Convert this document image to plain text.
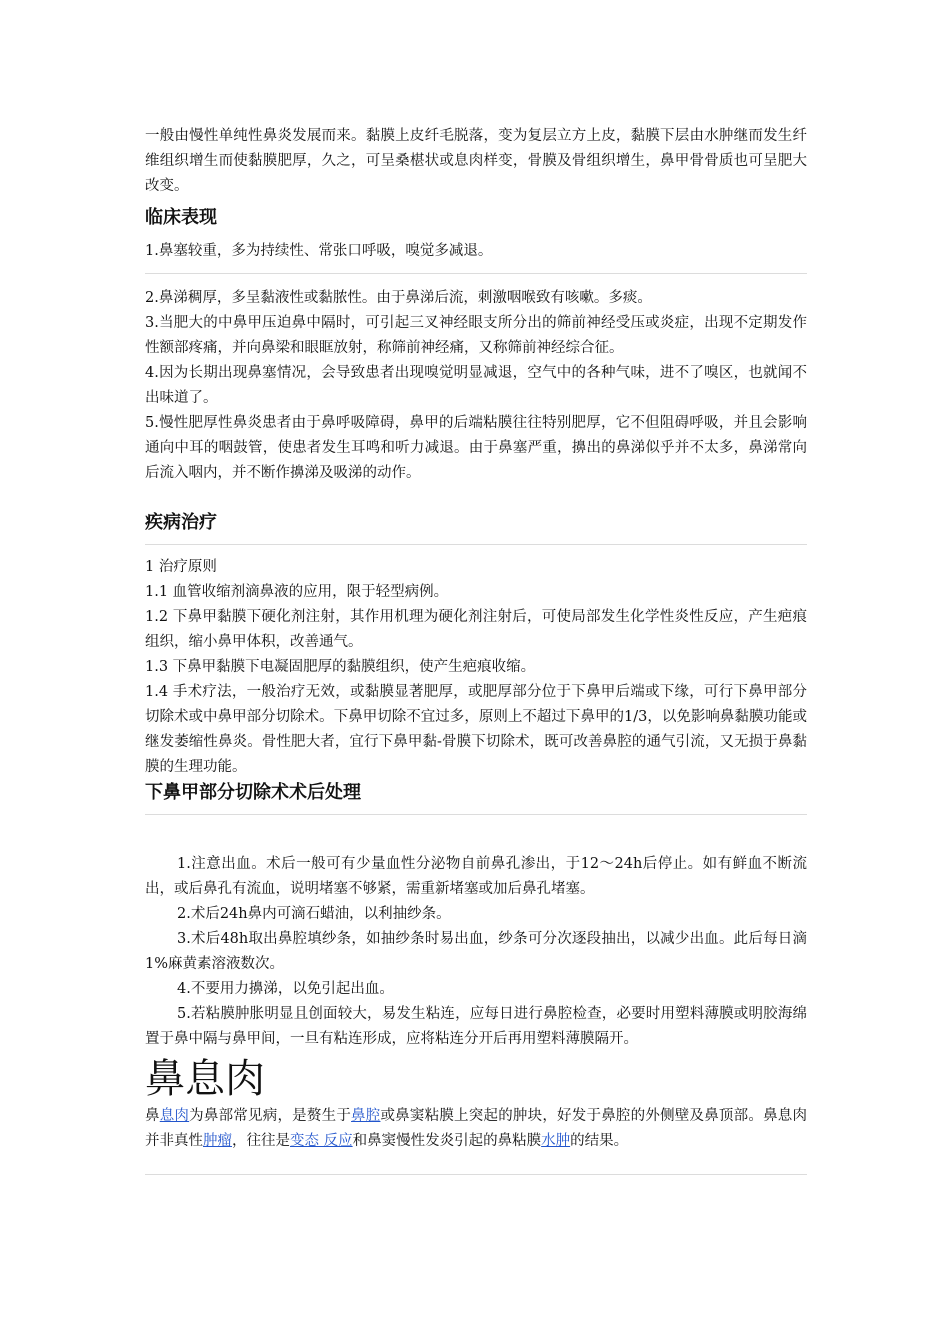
一般由慢性单纯性鼻炎发展而来。黏膜上皮纤毛脱落，变为复层立方上皮，黏膜下层由水肿继而发生纤维组织增生而使黏膜肥厚，久之，可呈桑椹状或息肉样变，骨膜及骨组织增生，鼻甲骨骨质也可呈肥大改变。

临床表现

1.鼻塞较重，多为持续性、常张口呼吸，嗅觉多减退。

2.鼻涕稠厚，多呈黏液性或黏脓性。由于鼻涕后流，刺激咽喉致有咳嗽。多痰。

3.当肥大的中鼻甲压迫鼻中隔时，可引起三叉神经眼支所分出的筛前神经受压或炎症，出现不定期发作性额部疼痛，并向鼻梁和眼眶放射，称筛前神经痛，又称筛前神经综合征。

4.因为长期出现鼻塞情况，会导致患者出现嗅觉明显减退，空气中的各种气味，进不了嗅区，也就闻不出味道了。

5.慢性肥厚性鼻炎患者由于鼻呼吸障碍，鼻甲的后端粘膜往往特别肥厚，它不但阻碍呼吸，并且会影响通向中耳的咽鼓管，使患者发生耳鸣和听力减退。由于鼻塞严重，擤出的鼻涕似乎并不太多，鼻涕常向后流入咽内，并不断作擤涕及吸涕的动作。

疾病治疗

1 治疗原则

1.1 血管收缩剂滴鼻液的应用，限于轻型病例。

1.2 下鼻甲黏膜下硬化剂注射，其作用机理为硬化剂注射后，可使局部发生化学性炎性反应，产生疤痕组织，缩小鼻甲体积，改善通气。

1.3 下鼻甲黏膜下电凝固肥厚的黏膜组织，使产生疤痕收缩。

1.4 手术疗法，一般治疗无效，或黏膜显著肥厚，或肥厚部分位于下鼻甲后端或下缘，可行下鼻甲部分切除术或中鼻甲部分切除术。下鼻甲切除不宜过多，原则上不超过下鼻甲的1/3，以免影响鼻黏膜功能或继发萎缩性鼻炎。骨性肥大者，宜行下鼻甲黏-骨膜下切除术，既可改善鼻腔的通气引流，又无损于鼻黏膜的生理功能。

下鼻甲部分切除术术后处理

1.注意出血。术后一般可有少量血性分泌物自前鼻孔渗出，于12～24h后停止。如有鲜血不断流出，或后鼻孔有流血，说明堵塞不够紧，需重新堵塞或加后鼻孔堵塞。

2.术后24h鼻内可滴石蜡油，以利抽纱条。

3.术后48h取出鼻腔填纱条，如抽纱条时易出血，纱条可分次逐段抽出，以减少出血。此后每日滴1%麻黄素溶液数次。

4.不要用力擤涕，以免引起出血。

5.若粘膜肿胀明显且创面较大，易发生粘连，应每日进行鼻腔检查，必要时用塑料薄膜或明胶海绵置于鼻中隔与鼻甲间，一旦有粘连形成，应将粘连分开后再用塑料薄膜隔开。

鼻息肉

鼻息肉为鼻部常见病，是赘生于鼻腔或鼻窦粘膜上突起的肿块，好发于鼻腔的外侧壁及鼻顶部。鼻息肉并非真性肿瘤，往往是变态 反应和鼻窦慢性发炎引起的鼻粘膜水肿的结果。
